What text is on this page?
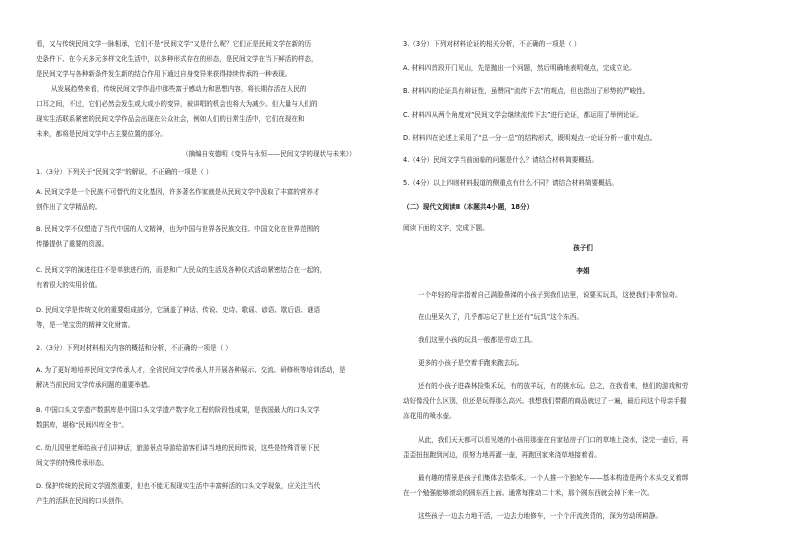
看，又与传统民间文学一脉相承，它们不是“民间文学”又是什么呢？它们正是民间文学在新的历
史条件下、在今天多元多样文化生活中，以多种形式存在的形态，是民间文学在当下鲜活的样态，
是民间文学与各种新条件发生新的结合作用下通过自身变异来获得持续传承的一种表现。
从发展趋势来看，传统民间文学作品中那些富于感动力和思想内容，将长期存活在人民的
口耳之间，不过，它们必然会发生或大或小的变异，被讲唱的机会也将大为减少。但大量与人们的
现实生活联系紧密的民间文学作品会出现在公众社会，例如人们的日常生活中，它们在现在和
未来，都将是民间文学中占主要位置的部分。
（摘编自安德明《变异与永恒——民间文学的现状与未来》）
1.（3分）下列关于“民间文学”的解说，不正确的一项是（ ）
A. 民间文学是一个民族不可替代的文化基因，许多著名作家就是从民间文学中汲取了丰富的营养才
创作出了文学精品的。
B. 民间文学不仅塑造了当代中国的人文精神，也为中国与世界各民族交往、中国文化在世界范围的
传播提供了重要的资源。
C. 民间文学的演进往往不是单独进行的，而是和广大民众的生活及各种仪式活动紧密结合在一起的，
有着很大的实用价值。
D. 民间文学是传统文化的重要组成部分，它涵盖了神话、传说、史诗、歌谣、谚语、歇后语、谜语
等，是一笔宝贵的精神文化财富。
2.（3分）下列对材料相关内容的概括和分析，不正确的一项是（ ）
A. 为了更好地培养民间文学传承人才，全省民间文学传承人并开展各种展示、交流、研修班等培训活动，是
解决当前民间文学传承问题的重要举措。
B. 中国口头文学遗产数据库是中国口头文学遗产数字化工程的阶段性成果，是我国最大的口头文学
数据库，堪称“民间四库全书”。
C. 幼儿园里老师给孩子们讲神话，旅游景点导游给游客们讲当地的民间传说，这些是特殊背景下民
间文学的特殊传承形态。
D. 保护传统的民间文学固然重要，但也不能无视现实生活中丰富鲜活的口头文学现象，应关注当代
产生的活跃在民间的口头创作。
3.（3分）下列对材料论证的相关分析，不正确的一项是（ ）
A. 材料四首段开门见山，先是抛出一个问题，然后明确地表明观点，完成立论。
B. 材料四的论证具有辩证性，虽赞同“流传下去”的观点，但也指出了形势的严峻性。
C. 材料四从两个角度对“民间文学会继续流传下去”进行论证，都运用了举例论证。
D. 材料四在论述上采用了“总一分一总”的结构形式，既明观点一论证分析一重申观点。
4.（4分）民间文学当前面临的问题是什么？请结合材料简要概括。
5.（4分）以上四则材料报道的侧重点有什么不同？请结合材料简要概括。
（二）现代文阅读Ⅱ（本题共4小题，18分）
阅读下面的文字，完成下题。
孩子们
李娟
一个年轻的母亲指着自己满脸鼻涕的小孩子到我们店里，说要买玩具，这使我们非常惊奇。
在山里呆久了，几乎都忘记了世上还有“玩具”这个东西。
我们这里小孩的玩具一般都是劳动工具。
更多的小孩子是空着手跑来跑去玩。
还有的小孩子进森林捡柴禾玩，有的放羊玩，有的挑水玩。总之，在我看来，他们的游戏和劳
动好像没什么区别，但还是玩得那么高兴。我想我们带跟的商品就过了一遍，最后问这个母亲手握
冻花用的喷水壶。
从此，我们天天都可以看见她的小孩用那壶在自家毡房子门口的草地上浇水，浇完一壶后，再
歪歪扭扭跑到河边，很努力地再灌一壶，再跑回家来浇草地接着看。
最有趣的情景是孩子们集体去拾柴禾。一个人推一个独轮车——基本构造是两个木头交叉着绑
在一个勉强能够滚动的圆东西上面。通常每推动二十米，那个圆东西就会掉下来一次。
这些孩子一边去力地干活，一边去力地修车，一个个汗流浃背的，深为劳动所耕静。
